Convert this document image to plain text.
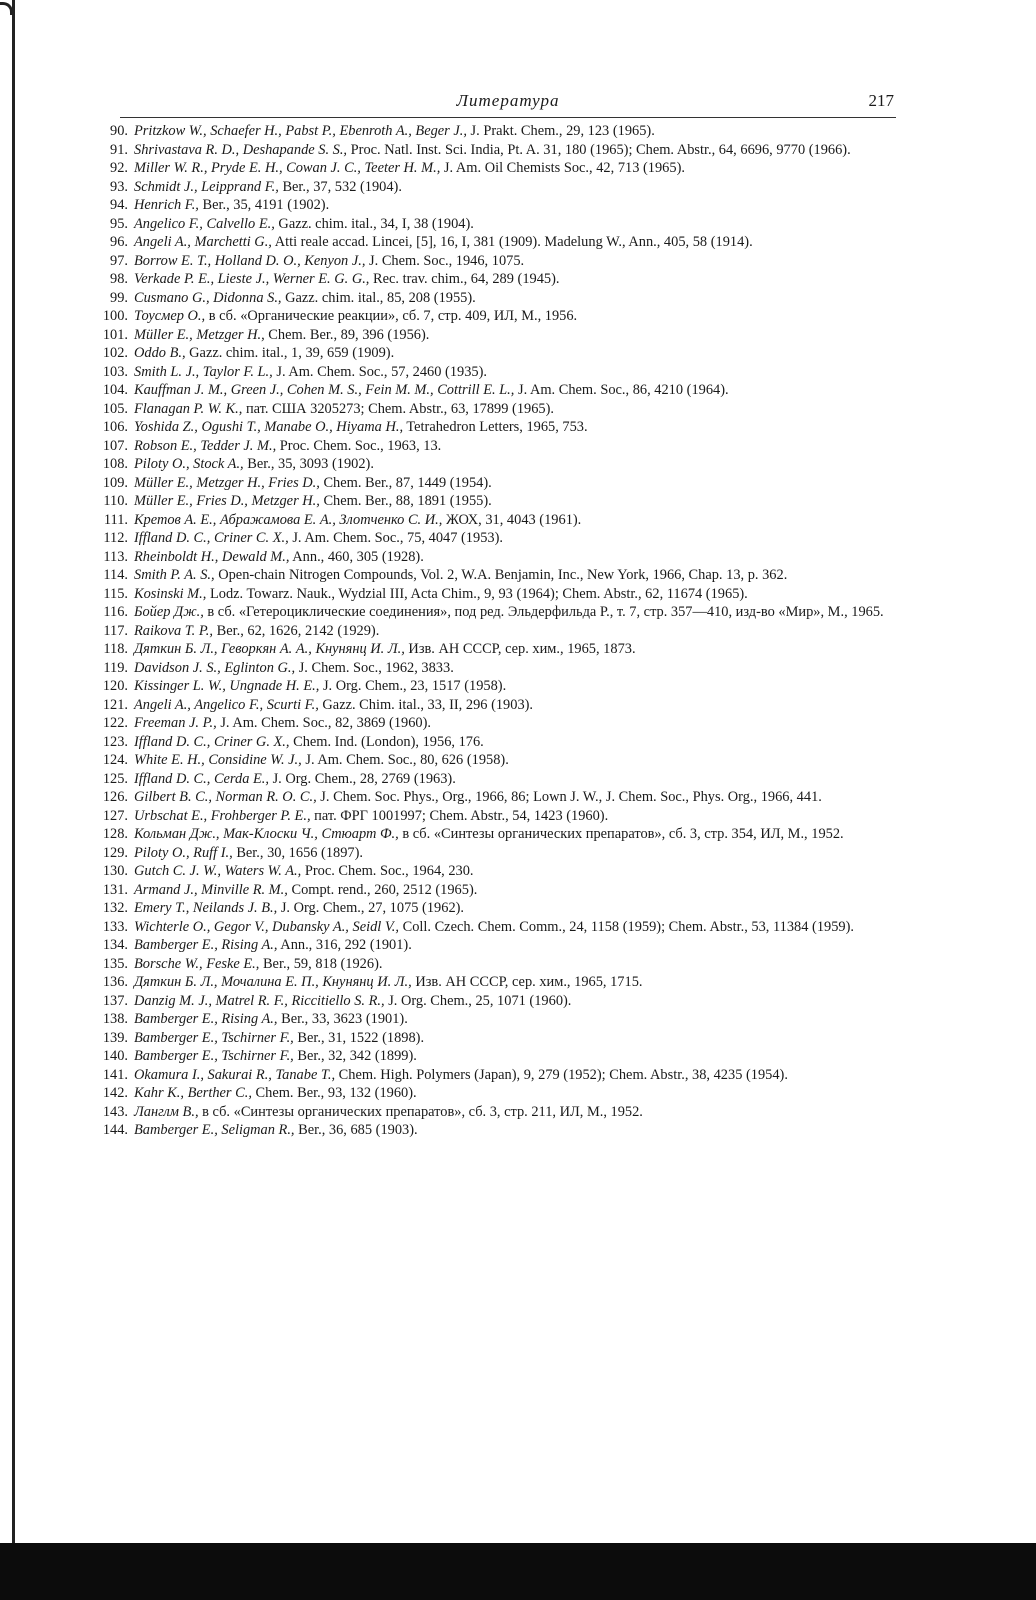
Литература	217
90. Pritzkow W., Schaefer H., Pabst P., Ebenroth A., Beger J., J. Prakt. Chem., 29, 123 (1965).
91. Shrivastava R. D., Deshapande S. S., Proc. Natl. Inst. Sci. India, Pt. A. 31, 180 (1965); Chem. Abstr., 64, 6696, 9770 (1966).
92. Miller W. R., Pryde E. H., Cowan J. C., Teeter H. M., J. Am. Oil Chemists Soc., 42, 713 (1965).
93. Schmidt J., Leipprand F., Ber., 37, 532 (1904).
94. Henrich F., Ber., 35, 4191 (1902).
95. Angelico F., Calvello E., Gazz. chim. ital., 34, I, 38 (1904).
96. Angeli A., Marchetti G., Atti reale accad. Lincei, [5], 16, I, 381 (1909). Madelung W., Ann., 405, 58 (1914).
97. Borrow E. T., Holland D. O., Kenyon J., J. Chem. Soc., 1946, 1075.
98. Verkade P. E., Lieste J., Werner E. G. G., Rec. trav. chim., 64, 289 (1945).
99. Cusmano G., Didonna S., Gazz. chim. ital., 85, 208 (1955).
100. Тоусмер О., в сб. «Органические реакции», сб. 7, стр. 409, ИЛ, М., 1956.
101. Müller E., Metzger H., Chem. Ber., 89, 396 (1956).
102. Oddo B., Gazz. chim. ital., 1, 39, 659 (1909).
103. Smith L. J., Taylor F. L., J. Am. Chem. Soc., 57, 2460 (1935).
104. Kauffman J. M., Green J., Cohen M. S., Fein M. M., Cottrill E. L., J. Am. Chem. Soc., 86, 4210 (1964).
105. Flanagan P. W. K., пат. США 3205273; Chem. Abstr., 63, 17899 (1965).
106. Yoshida Z., Ogushi T., Manabe O., Hiyama H., Tetrahedron Letters, 1965, 753.
107. Robson E., Tedder J. M., Proc. Chem. Soc., 1963, 13.
108. Piloty O., Stock A., Ber., 35, 3093 (1902).
109. Müller E., Metzger H., Fries D., Chem. Ber., 87, 1449 (1954).
110. Müller E., Fries D., Metzger H., Chem. Ber., 88, 1891 (1955).
111. Кретов А. Е., Абражамова Е. А., Злотченко С. И., ЖОХ, 31, 4043 (1961).
112. Iffland D. C., Criner C. X., J. Am. Chem. Soc., 75, 4047 (1953).
113. Rheinboldt H., Dewald M., Ann., 460, 305 (1928).
114. Smith P. A. S., Open-chain Nitrogen Compounds, Vol. 2, W.A. Benjamin, Inc., New York, 1966, Chap. 13, p. 362.
115. Kosinski M., Lodz. Towarz. Nauk., Wydzial III, Acta Chim., 9, 93 (1964); Chem. Abstr., 62, 11674 (1965).
116. Бойер Дж., в сб. «Гетероциклические соединения», под ред. Эльдерфильда Р., т. 7, стр. 357—410, изд-во «Мир», М., 1965.
117. Raikova T. P., Ber., 62, 1626, 2142 (1929).
118. Дяткин Б. Л., Геворкян А. А., Кнунянц И. Л., Изв. АН СССР, сер. хим., 1965, 1873.
119. Davidson J. S., Eglinton G., J. Chem. Soc., 1962, 3833.
120. Kissinger L. W., Ungnade H. E., J. Org. Chem., 23, 1517 (1958).
121. Angeli A., Angelico F., Scurti F., Gazz. Chim. ital., 33, II, 296 (1903).
122. Freeman J. P., J. Am. Chem. Soc., 82, 3869 (1960).
123. Iffland D. C., Criner G. X., Chem. Ind. (London), 1956, 176.
124. White E. H., Considine W. J., J. Am. Chem. Soc., 80, 626 (1958).
125. Iffland D. C., Cerda E., J. Org. Chem., 28, 2769 (1963).
126. Gilbert B. C., Norman R. O. C., J. Chem. Soc. Phys., Org., 1966, 86; Lown J. W., J. Chem. Soc., Phys. Org., 1966, 441.
127. Urbschat E., Frohberger P. E., пат. ФРГ 1001997; Chem. Abstr., 54, 1423 (1960).
128. Кольман Дж., Мак-Клоски Ч., Стюарт Ф., в сб. «Синтезы органических препаратов», сб. 3, стр. 354, ИЛ, М., 1952.
129. Piloty O., Ruff I., Ber., 30, 1656 (1897).
130. Gutch C. J. W., Waters W. A., Proc. Chem. Soc., 1964, 230.
131. Armand J., Minville R. M., Compt. rend., 260, 2512 (1965).
132. Emery T., Neilands J. B., J. Org. Chem., 27, 1075 (1962).
133. Wichterle O., Gegor V., Dubansky A., Seidl V., Coll. Czech. Chem. Comm., 24, 1158 (1959); Chem. Abstr., 53, 11384 (1959).
134. Bamberger E., Rising A., Ann., 316, 292 (1901).
135. Borsche W., Feske E., Ber., 59, 818 (1926).
136. Дяткин Б. Л., Мочалина Е. П., Кнунянц И. Л., Изв. АН СССР, сер. хим., 1965, 1715.
137. Danzig M. J., Matrel R. F., Riccitiello S. R., J. Org. Chem., 25, 1071 (1960).
138. Bamberger E., Rising A., Ber., 33, 3623 (1901).
139. Bamberger E., Tschirner F., Ber., 31, 1522 (1898).
140. Bamberger E., Tschirner F., Ber., 32, 342 (1899).
141. Okamura I., Sakurai R., Tanabe T., Chem. High. Polymers (Japan), 9, 279 (1952); Chem. Abstr., 38, 4235 (1954).
142. Kahr K., Berther C., Chem. Ber., 93, 132 (1960).
143. Ланглм В., в сб. «Синтезы органических препаратов», сб. 3, стр. 211, ИЛ, М., 1952.
144. Bamberger E., Seligman R., Ber., 36, 685 (1903).
